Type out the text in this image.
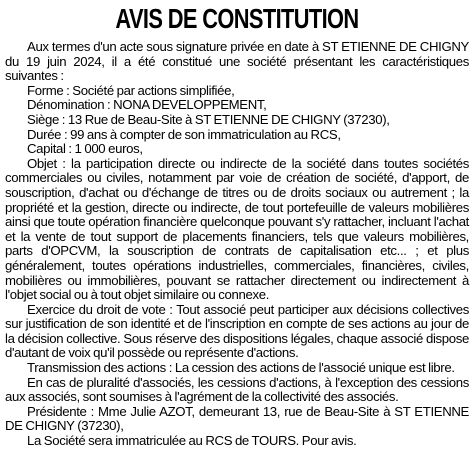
AVIS DE CONSTITUTION

Aux termes d'un acte sous signature privée en date à ST ETIENNE DE CHIGNY du 19 juin 2024, il a été constitué une société présentant les caractéristiques suivantes :

Forme : Société par actions simplifiée,

Dénomination : NONA DEVELOPPEMENT,

Siège : 13 Rue de Beau-Site à ST ETIENNE DE CHIGNY (37230),

Durée : 99 ans à compter de son immatriculation au RCS,

Capital : 1 000 euros,

Objet : la participation directe ou indirecte de la société dans toutes sociétés commerciales ou civiles, notamment par voie de création de société, d'apport, de souscription, d'achat ou d'échange de titres ou de droits sociaux ou autrement ; la propriété et la gestion, directe ou indirecte, de tout portefeuille de valeurs mobilières ainsi que toute opération financière quelconque pouvant s'y rattacher, incluant l'achat et la vente de tout support de placements financiers, tels que valeurs mobilières, parts d'OPCVM, la souscription de contrats de capitalisation etc... ; et plus généralement, toutes opérations industrielles, commerciales, financières, civiles, mobilières ou immobilières, pouvant se rattacher directement ou indirectement à l'objet social ou à tout objet similaire ou connexe.

Exercice du droit de vote : Tout associé peut participer aux décisions collectives sur justification de son identité et de l'inscription en compte de ses actions au jour de la décision collective. Sous réserve des dispositions légales, chaque associé dispose d'autant de voix qu'il possède ou représente d'actions.

Transmission des actions : La cession des actions de l'associé unique est libre.

En cas de pluralité d'associés, les cessions d'actions, à l'exception des cessions aux associés, sont soumises à l'agrément de la collectivité des associés.

Présidente : Mme Julie AZOT, demeurant 13, rue de Beau-Site à ST ETIENNE DE CHIGNY (37230),

La Société sera immatriculée au RCS de TOURS. Pour avis.
